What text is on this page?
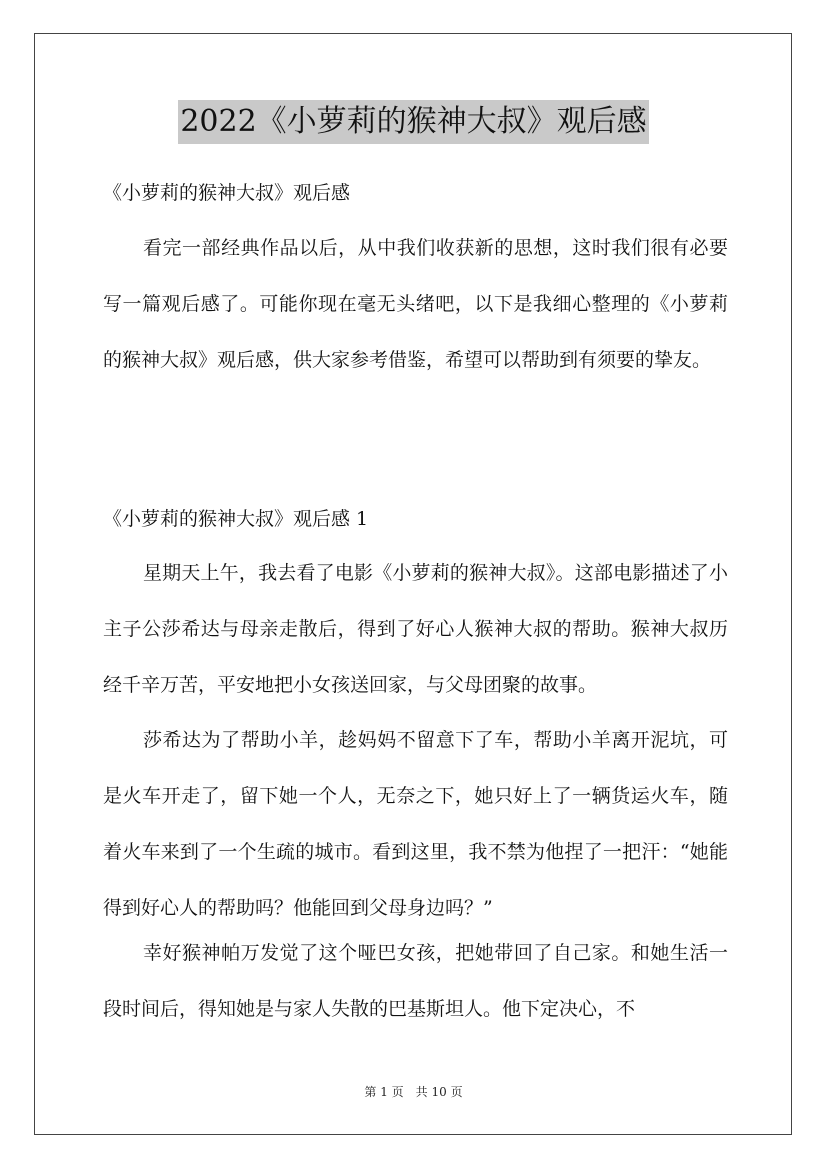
2022《小萝莉的猴神大叔》观后感
《小萝莉的猴神大叔》观后感

看完一部经典作品以后，从中我们收获新的思想，这时我们很有必要写一篇观后感了。可能你现在毫无头绪吧，以下是我细心整理的《小萝莉的猴神大叔》观后感，供大家参考借鉴，希望可以帮助到有须要的挚友。

《小萝莉的猴神大叔》观后感 1

星期天上午，我去看了电影《小萝莉的猴神大叔》。这部电影描述了小主子公莎希达与母亲走散后，得到了好心人猴神大叔的帮助。猴神大叔历经千辛万苦，平安地把小女孩送回家，与父母团聚的故事。

莎希达为了帮助小羊，趁妈妈不留意下了车，帮助小羊离开泥坑，可是火车开走了，留下她一个人，无奈之下，她只好上了一辆货运火车，随着火车来到了一个生疏的城市。看到这里，我不禁为他捏了一把汗：“她能得到好心人的帮助吗？他能回到父母身边吗？”

幸好猴神帕万发觉了这个哑巴女孩，把她带回了自己家。和她生活一段时间后，得知她是与家人失散的巴基斯坦人。他下定决心，不

第 1 页　共 10 页
